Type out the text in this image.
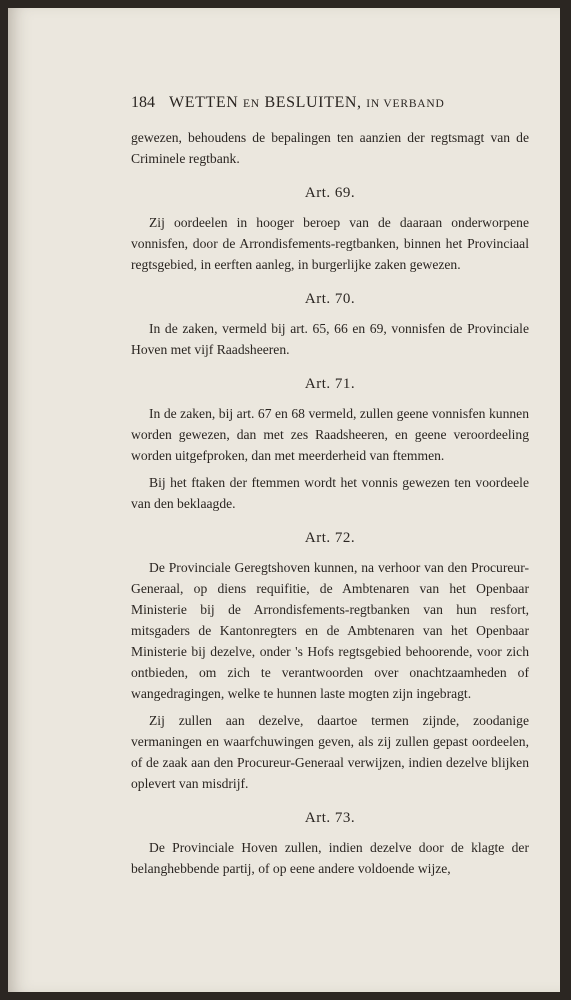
184 WETTEN EN BESLUITEN, IN VERBAND

gewezen, behoudens de bepalingen ten aanzien der regtsmagt van de Criminele regtbank.

Art. 69.

Zij oordeelen in hooger beroep van de daaraan onderworpene vonnisfen, door de Arrondisfements-regtbanken, binnen het Provinciaal regtsgebied, in eerften aanleg, in burgerlijke zaken gewezen.

Art. 70.

In de zaken, vermeld bij art. 65, 66 en 69, vonnisfen de Provinciale Hoven met vijf Raadsheeren.

Art. 71.

In de zaken, bij art. 67 en 68 vermeld, zullen geene vonnisfen kunnen worden gewezen, dan met zes Raadsheeren, en geene veroordeeling worden uitgefproken, dan met meerderheid van ftemmen.

Bij het ftaken der ftemmen wordt het vonnis gewezen ten voordeele van den beklaagde.

Art. 72.

De Provinciale Geregtshoven kunnen, na verhoor van den Procureur-Generaal, op diens requifitie, de Ambtenaren van het Openbaar Ministerie bij de Arrondisfements-regtbanken van hun resfort, mitsgaders de Kantonregters en de Ambtenaren van het Openbaar Ministerie bij dezelve, onder 's Hofs regtsgebied behoorende, voor zich ontbieden, om zich te verantwoorden over onachtzaamheden of wangedragingen, welke te hunnen laste mogten zijn ingebragt.

Zij zullen aan dezelve, daartoe termen zijnde, zoodanige vermaningen en waarfchuwingen geven, als zij zullen gepast oordeelen, of de zaak aan den Procureur-Generaal verwijzen, indien dezelve blijken oplevert van misdrijf.

Art. 73.

De Provinciale Hoven zullen, indien dezelve door de klagte der belanghebbende partij, of op eene andere voldoende wijze,
